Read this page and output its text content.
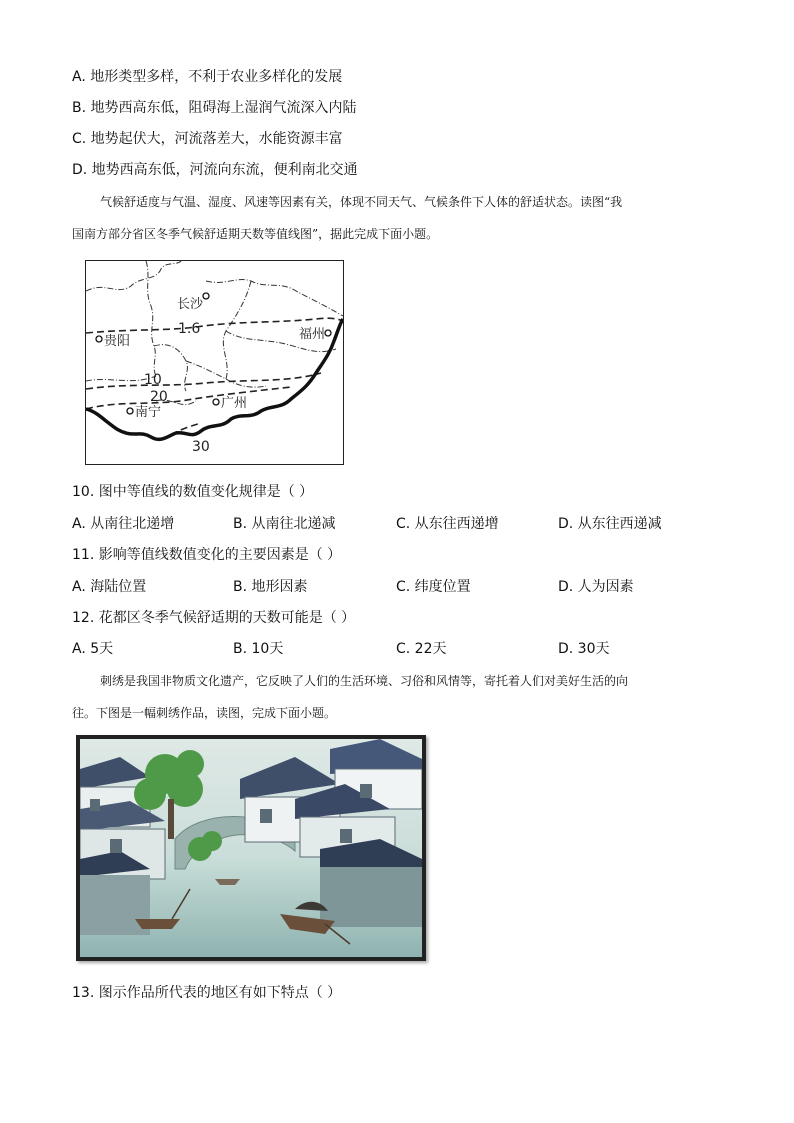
A. 地形类型多样，不利于农业多样化的发展
B. 地势西高东低，阻碍海上湿润气流深入内陆
C. 地势起伏大，河流落差大，水能资源丰富
D. 地势西高东低，河流向东流，便利南北交通
气候舒适度与气温、湿度、风速等因素有关，体现不同天气、气候条件下人体的舒适状态。读图“我
国南方部分省区冬季气候舒适期天数等值线图”，据此完成下面小题。
长沙
贵阳	福州
南宁
广州
1.6
10
20
30
10. 图中等值线的数值变化规律是（ ）
A. 从南往北递增	B. 从南往北递减	C. 从东往西递增	D. 从东往西递减
11. 影响等值线数值变化的主要因素是（ ）
A. 海陆位置	B. 地形因素	C. 纬度位置	D. 人为因素
12. 花都区冬季气候舒适期的天数可能是（ ）
A. 5天	B. 10天	C. 22天	D. 30天
刺绣是我国非物质文化遗产，它反映了人们的生活环境、习俗和风情等，寄托着人们对美好生活的向
往。下图是一幅刺绣作品，读图，完成下面小题。
13. 图示作品所代表的地区有如下特点（ ）
